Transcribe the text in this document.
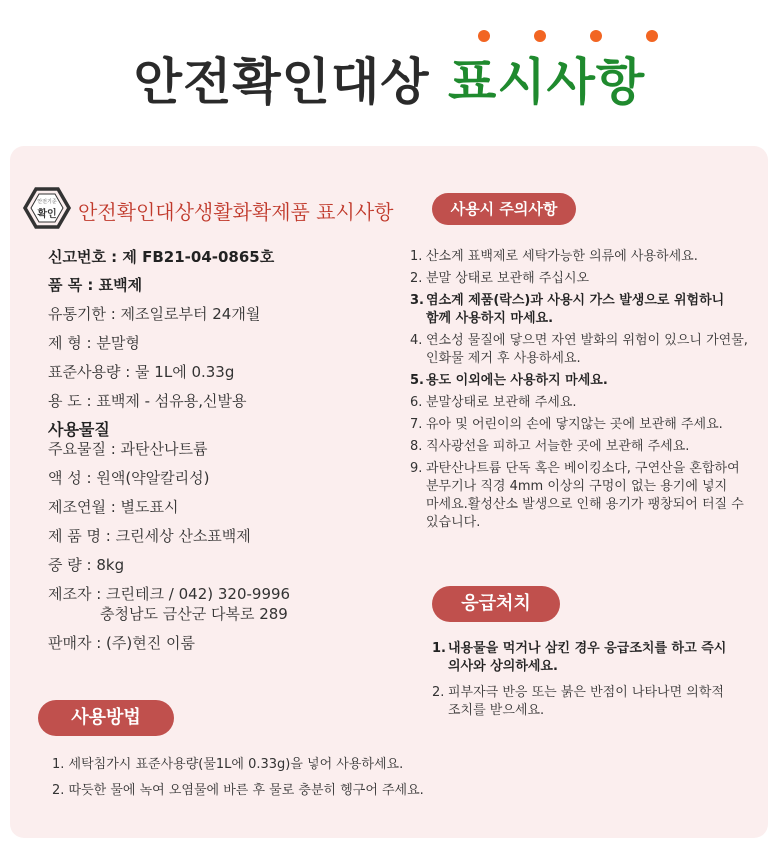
안전확인대상 표시사항
안전기준
확인	안전확인대상생활화확제품 표시사항
신고번호 : 제 FB21-04-0865호
품 목 : 표백제
유통기한 : 제조일로부터 24개월
제 형 : 분말형
표준사용량 : 물 1L에 0.33g
용 도 : 표백제 - 섬유용,신발용
사용물질
주요물질 : 과탄산나트륨
액 성 : 원액(약알칼리성)
제조연월 : 별도표시
제 품 명 : 크린세상 산소표백제
중 량 : 8kg
제조자 : 크린테크 / 042) 320-9996
충청남도 금산군 다복로 289
판매자 : (주)현진 이룸
사용방법
1. 세탁침가시 표준사용량(물1L에 0.33g)을 넣어 사용하세요.
2. 따듯한 물에 녹여 오염물에 바른 후 물로 충분히 헹구어 주세요.
사용시 주의사항
1. 산소계 표백제로 세탁가능한 의류에 사용하세요.
2. 분말 상태로 보관해 주십시오
3. 염소계 제품(락스)과 사용시 가스 발생으로 위험하니
함께 사용하지 마세요.
4. 연소성 물질에 닿으면 자연 발화의 위험이 있으니 가연물,
인화물 제거 후 사용하세요.
5. 용도 이외에는 사용하지 마세요.
6. 분말상태로 보관해 주세요.
7. 유아 및 어린이의 손에 닿지않는 곳에 보관해 주세요.
8. 직사광선을 피하고 서늘한 곳에 보관해 주세요.
9. 과탄산나트륨 단독 혹은 베이킹소다, 구연산을 혼합하여
분무기나 직경 4mm 이상의 구멍이 없는 용기에 넣지
마세요.활성산소 발생으로 인해 용기가 팽창되어 터질 수
있습니다.
응급처치
1. 내용물을 먹거나 삼킨 경우 응급조치를 하고 즉시
의사와 상의하세요.
2. 피부자극 반응 또는 붉은 반점이 나타나면 의학적
조치를 받으세요.
